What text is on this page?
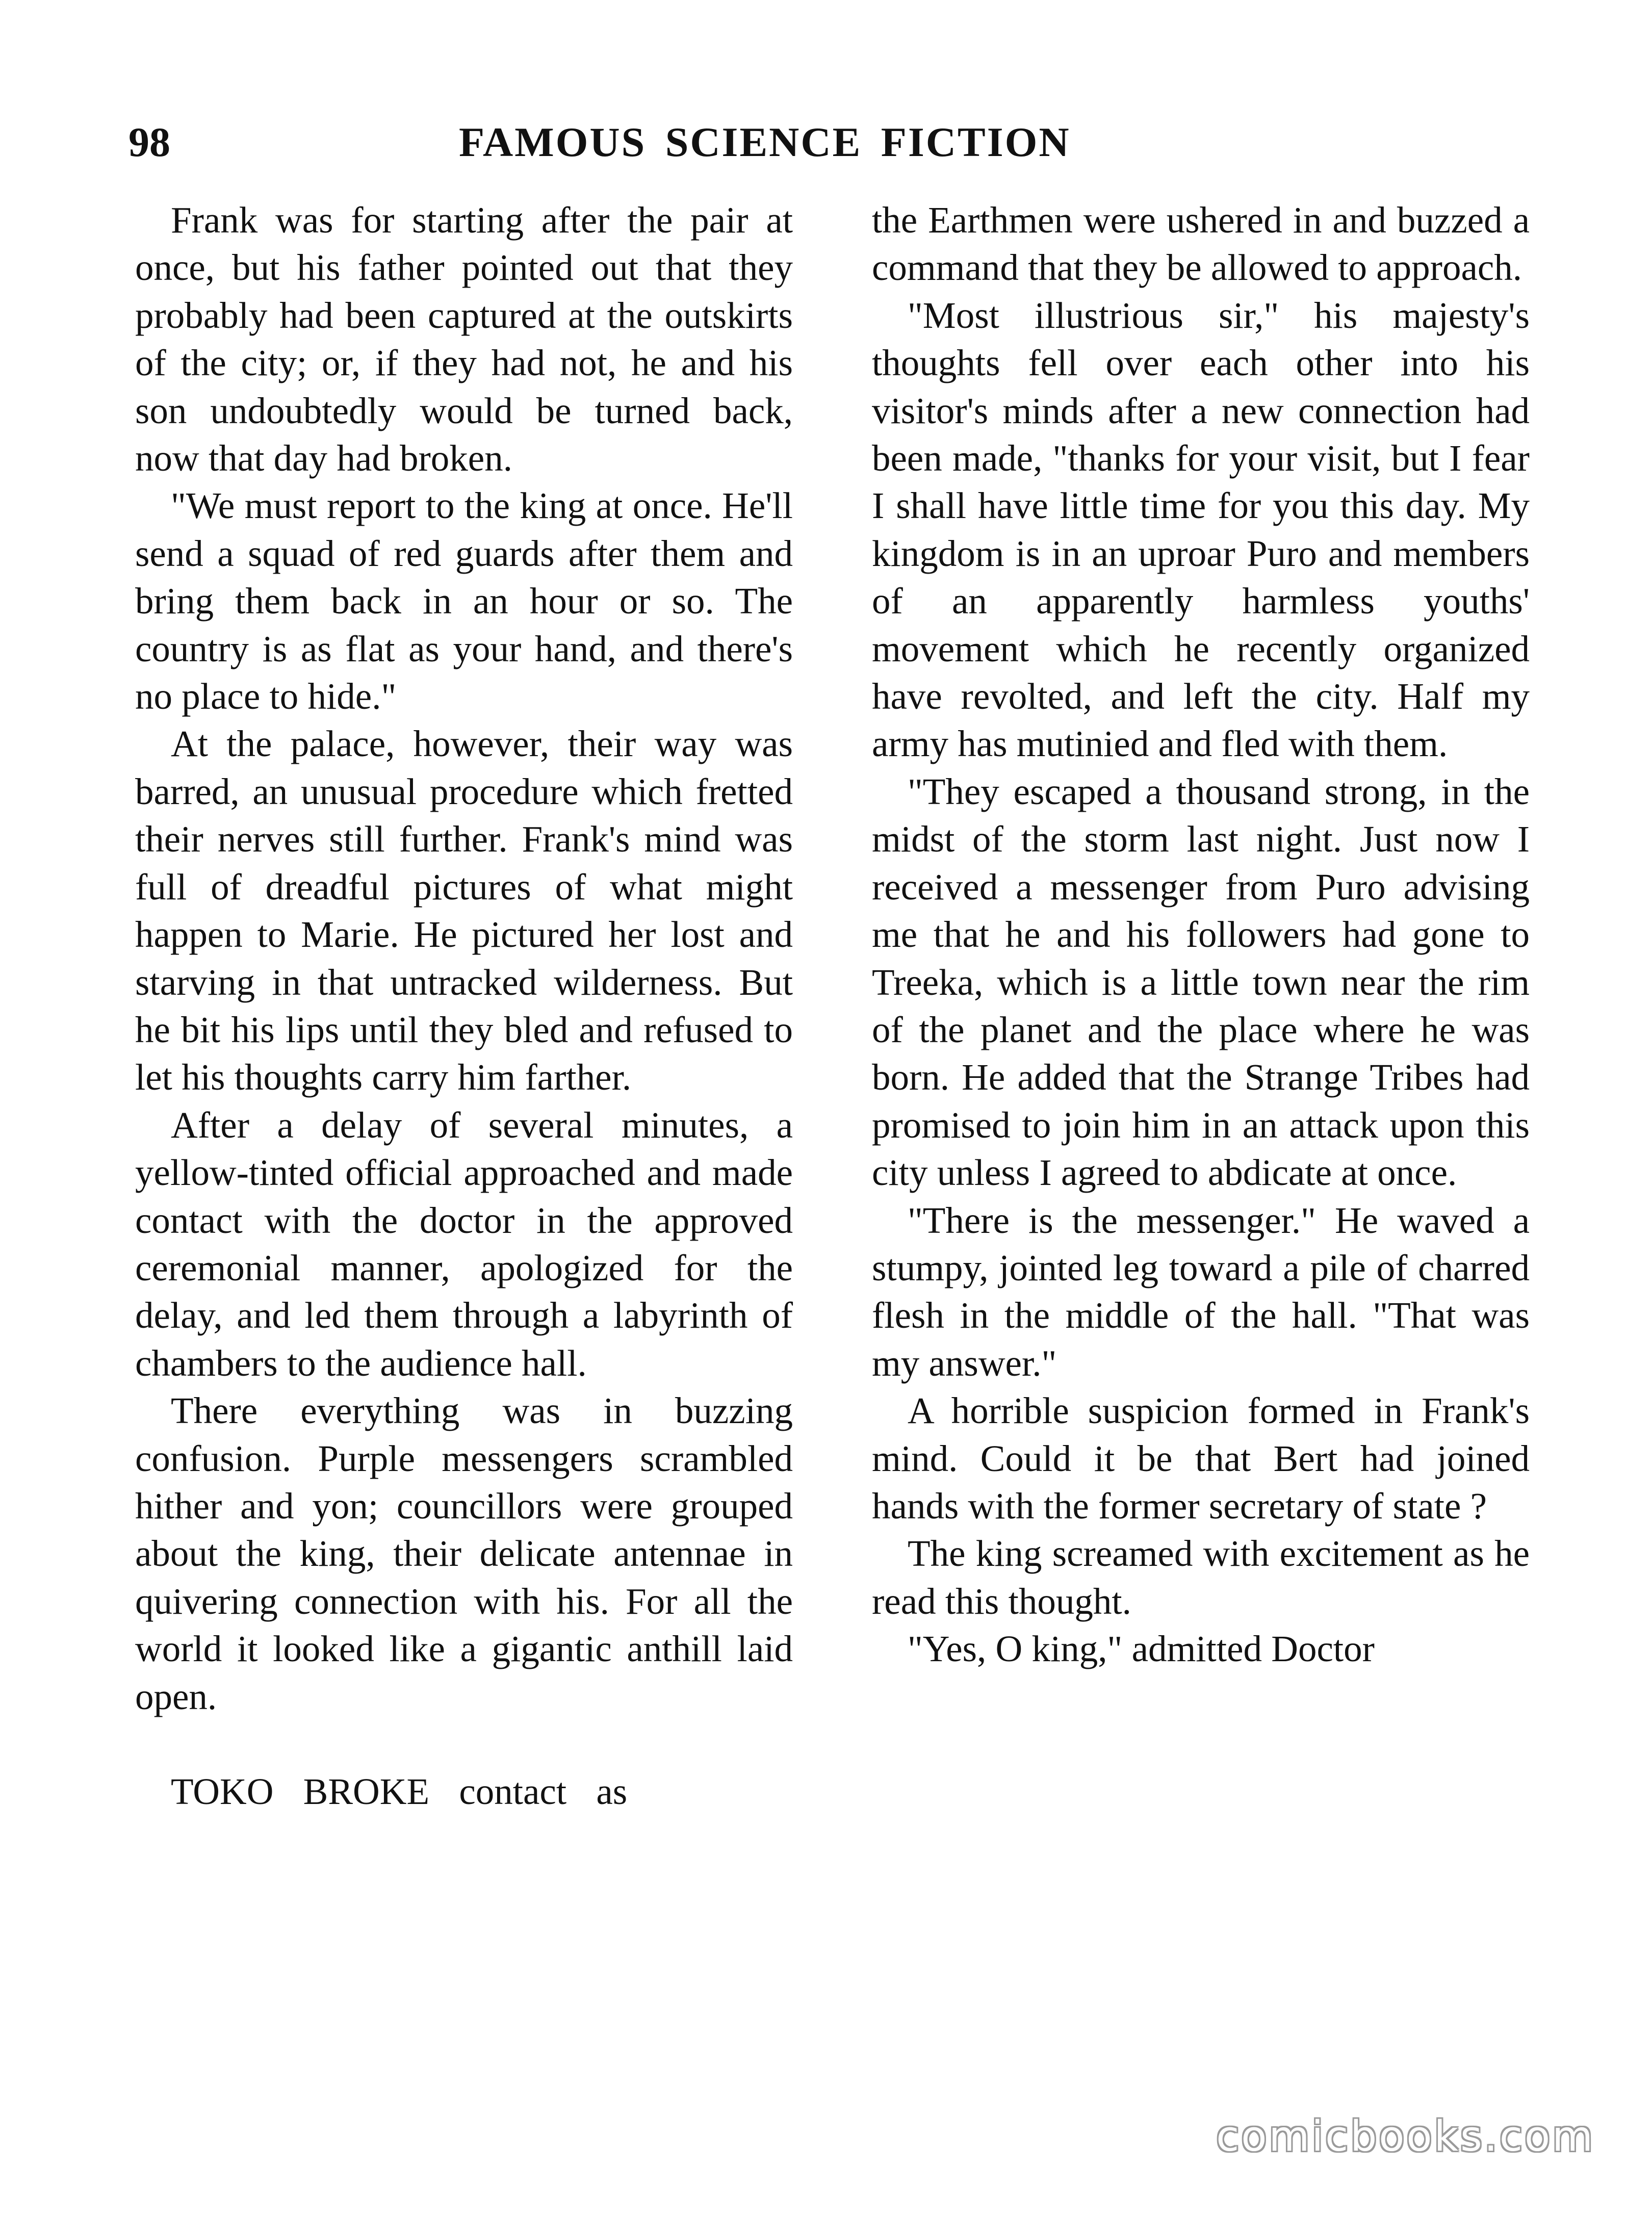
98	FAMOUS SCIENCE FICTION

Frank was for starting after the pair at once, but his father pointed out that they probably had been captured at the outskirts of the city; or, if they had not, he and his son undoubtedly would be turned back, now that day had broken.

"We must report to the king at once. He'll send a squad of red guards after them and bring them back in an hour or so. The country is as flat as your hand, and there's no place to hide."

At the palace, however, their way was barred, an unusual procedure which fretted their nerves still further. Frank's mind was full of dreadful pictures of what might happen to Marie. He pictured her lost and starving in that untracked wilderness. But he bit his lips until they bled and refused to let his thoughts carry him farther.

After a delay of several minutes, a yellow-tinted official approached and made contact with the doctor in the approved ceremonial manner, apologized for the delay, and led them through a labyrinth of chambers to the audience hall.

There everything was in buzzing confusion. Purple messengers scrambled hither and yon; councillors were grouped about the king, their delicate antennae in quivering connection with his. For all the world it looked like a gigantic anthill laid open.

TOKO BROKE contact as

the Earthmen were ushered in and buzzed a command that they be allowed to approach.

"Most illustrious sir," his majesty's thoughts fell over each other into his visitor's minds after a new connection had been made, "thanks for your visit, but I fear I shall have little time for you this day. My kingdom is in an uproar Puro and members of an apparently harmless youths' movement which he recently organized have revolted, and left the city. Half my army has mutinied and fled with them.

"They escaped a thousand strong, in the midst of the storm last night. Just now I received a messenger from Puro advising me that he and his followers had gone to Treeka, which is a little town near the rim of the planet and the place where he was born. He added that the Strange Tribes had promised to join him in an attack upon this city unless I agreed to abdicate at once.

"There is the messenger." He waved a stumpy, jointed leg toward a pile of charred flesh in the middle of the hall. "That was my answer."

A horrible suspicion formed in Frank's mind. Could it be that Bert had joined hands with the former secretary of state ?

The king screamed with excitement as he read this thought.

"Yes, O king," admitted Doctor

comicbooks.com
